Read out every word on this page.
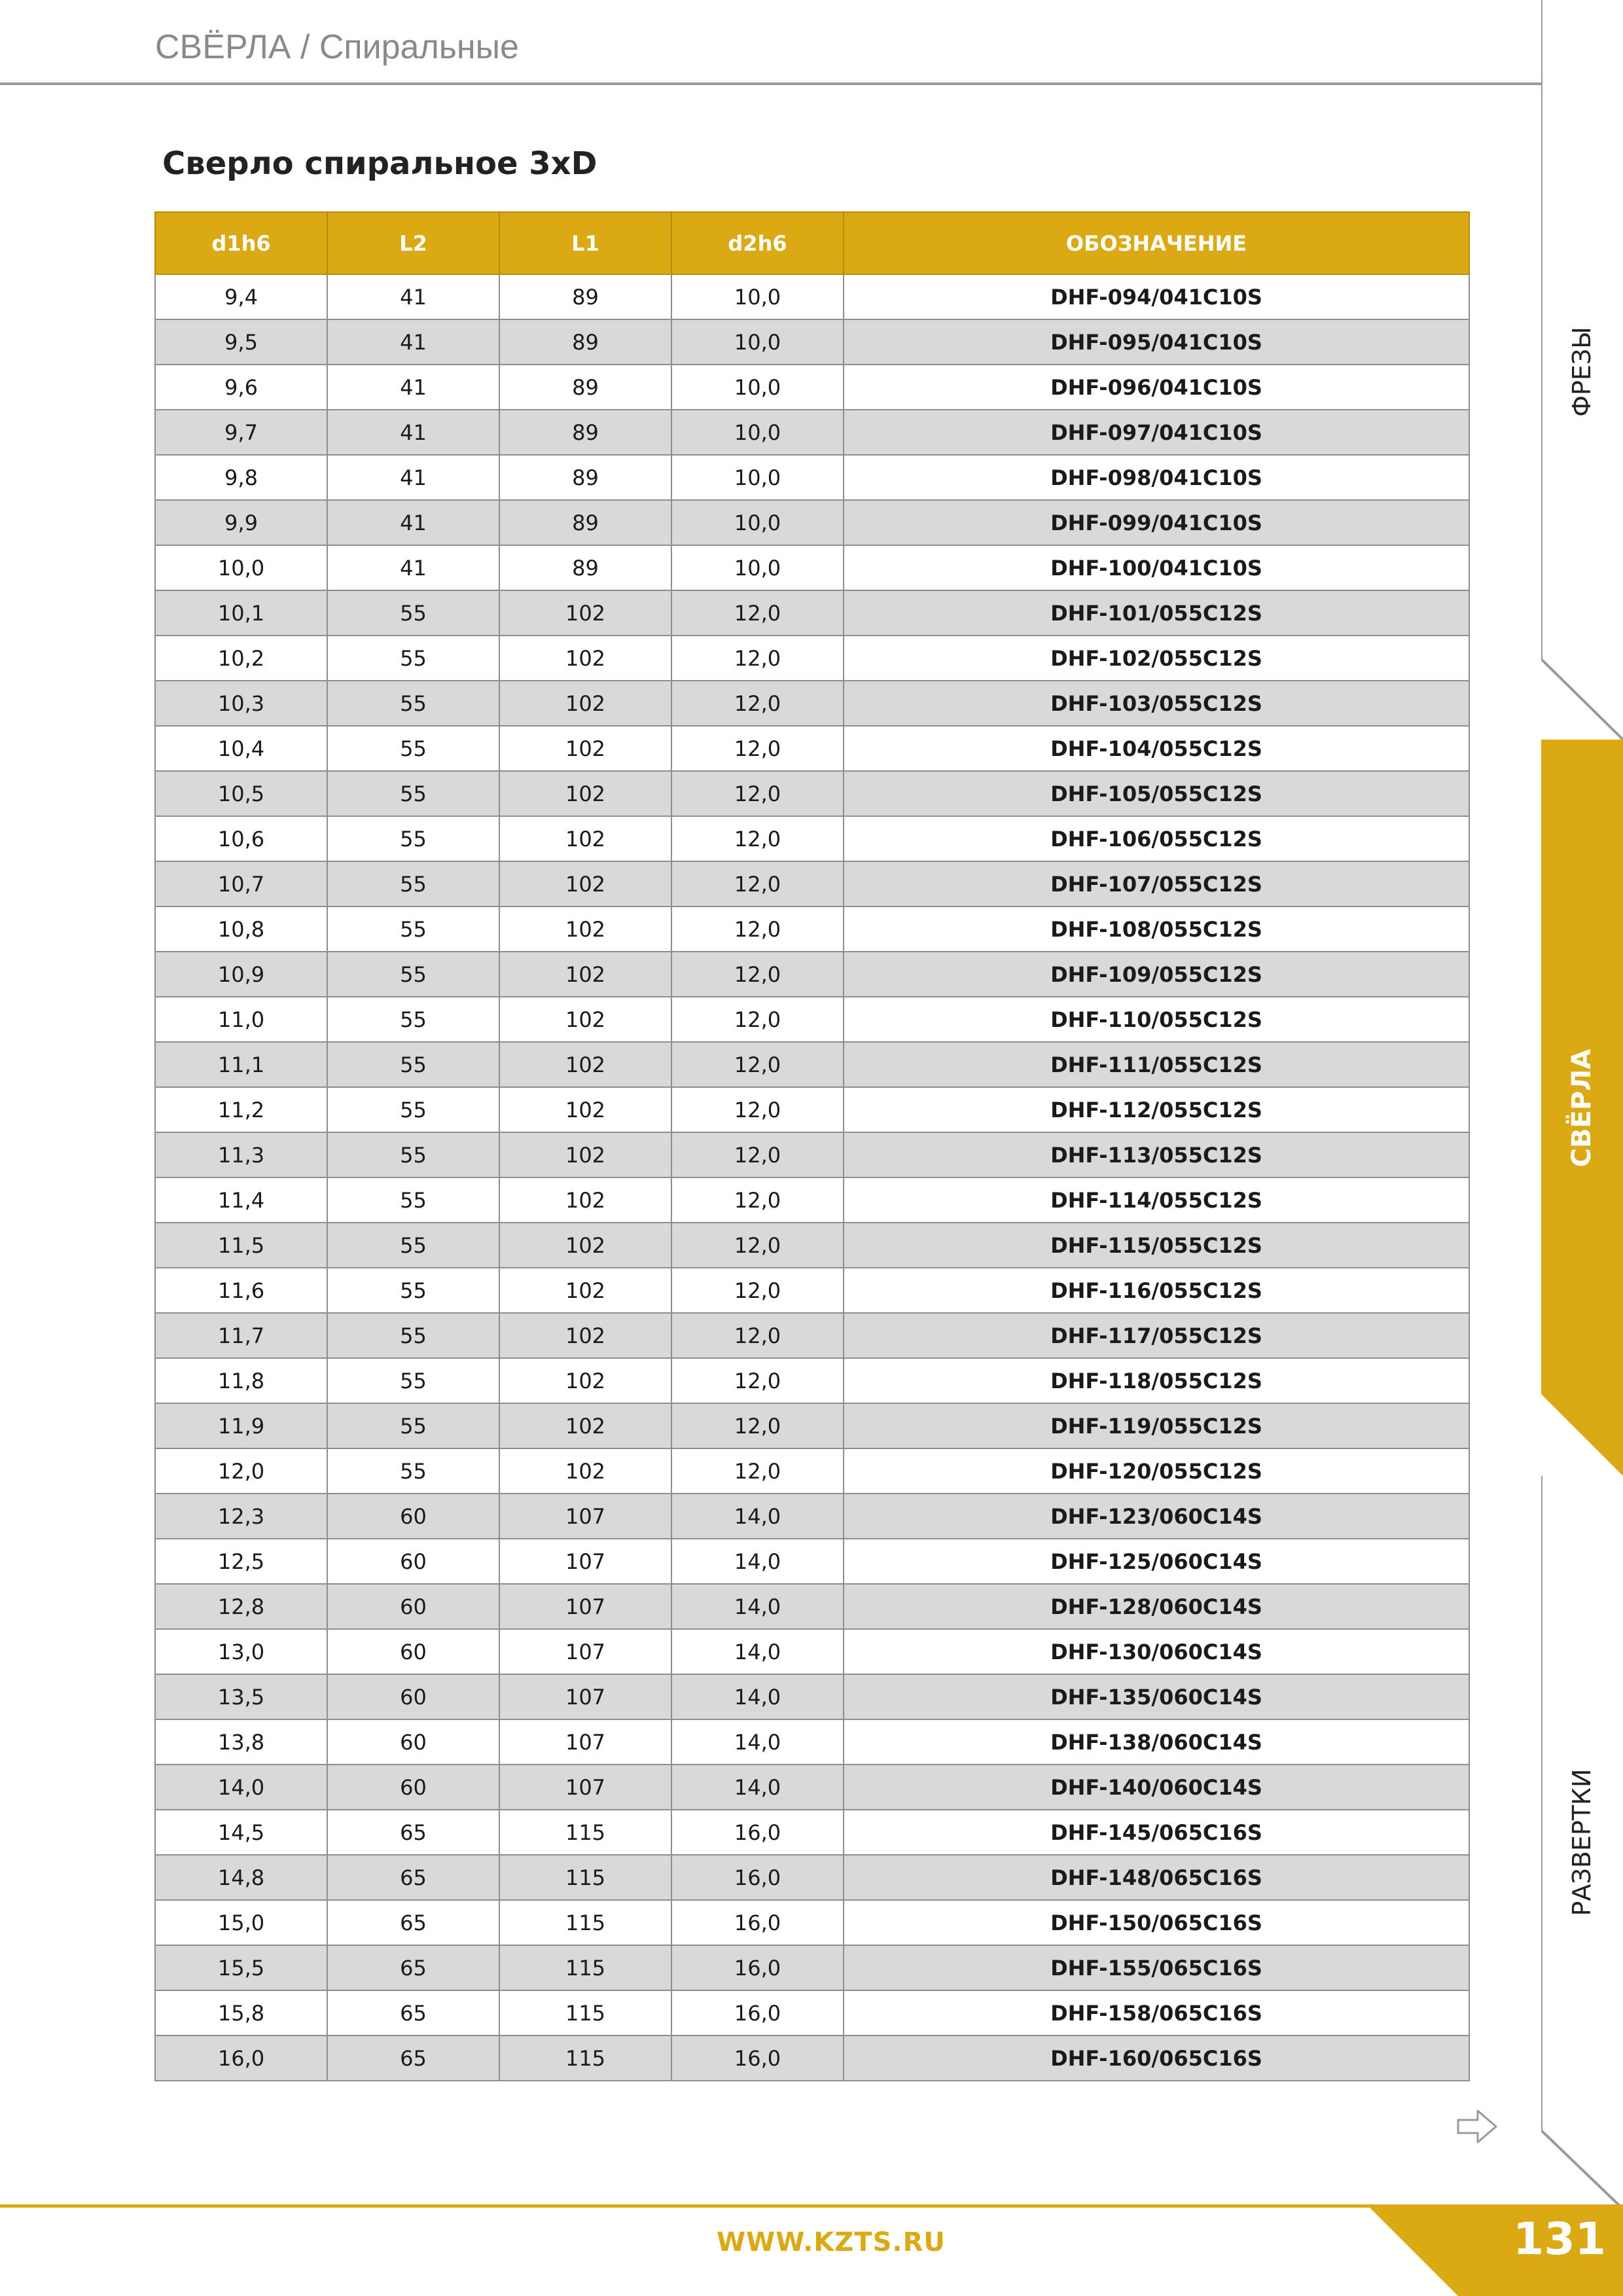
СВЁРЛА / Спиральные

Сверло спиральное 3xD
d1h6	L2	L1	d2h6	ОБОЗНАЧЕНИЕ
9,4	41	89	10,0	DHF-094/041C10S
9,5	41	89	10,0	DHF-095/041C10S
9,6	41	89	10,0	DHF-096/041C10S
9,7	41	89	10,0	DHF-097/041C10S
9,8	41	89	10,0	DHF-098/041C10S
9,9	41	89	10,0	DHF-099/041C10S
10,0	41	89	10,0	DHF-100/041C10S
10,1	55	102	12,0	DHF-101/055C12S
10,2	55	102	12,0	DHF-102/055C12S
10,3	55	102	12,0	DHF-103/055C12S
10,4	55	102	12,0	DHF-104/055C12S
10,5	55	102	12,0	DHF-105/055C12S
10,6	55	102	12,0	DHF-106/055C12S
10,7	55	102	12,0	DHF-107/055C12S
10,8	55	102	12,0	DHF-108/055C12S
10,9	55	102	12,0	DHF-109/055C12S
11,0	55	102	12,0	DHF-110/055C12S
11,1	55	102	12,0	DHF-111/055C12S
11,2	55	102	12,0	DHF-112/055C12S
11,3	55	102	12,0	DHF-113/055C12S
11,4	55	102	12,0	DHF-114/055C12S
11,5	55	102	12,0	DHF-115/055C12S
11,6	55	102	12,0	DHF-116/055C12S
11,7	55	102	12,0	DHF-117/055C12S
11,8	55	102	12,0	DHF-118/055C12S
11,9	55	102	12,0	DHF-119/055C12S
12,0	55	102	12,0	DHF-120/055C12S
12,3	60	107	14,0	DHF-123/060C14S
12,5	60	107	14,0	DHF-125/060C14S
12,8	60	107	14,0	DHF-128/060C14S
13,0	60	107	14,0	DHF-130/060C14S
13,5	60	107	14,0	DHF-135/060C14S
13,8	60	107	14,0	DHF-138/060C14S
14,0	60	107	14,0	DHF-140/060C14S
14,5	65	115	16,0	DHF-145/065C16S
14,8	65	115	16,0	DHF-148/065C16S
15,0	65	115	16,0	DHF-150/065C16S
15,5	65	115	16,0	DHF-155/065C16S
15,8	65	115	16,0	DHF-158/065C16S
16,0	65	115	16,0	DHF-160/065C16S
ФРЕЗЫ
СВЁРЛА
РАЗВЕРТКИ

WWW.KZTS.RU	131
